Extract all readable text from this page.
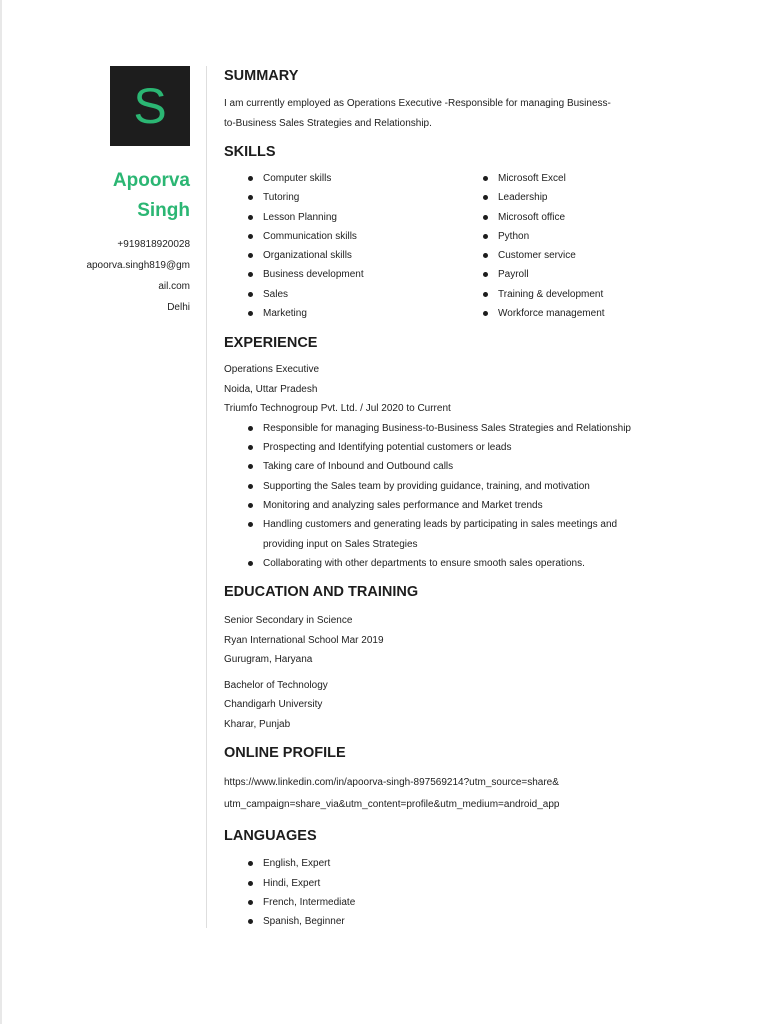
S
Apoorva
Singh
+919818920028
apoorva.singh819@gm
ail.com
Delhi
SUMMARY

I am currently employed as Operations Executive -Responsible for managing Business-

to-Business Sales Strategies and Relationship.

SKILLS
Computer skills
Tutoring
Lesson Planning
Communication skills
Organizational skills
Business development
Sales
Marketing
Microsoft Excel
Leadership
Microsoft office
Python
Customer service
Payroll
Training & development
Workforce management
EXPERIENCE

Operations Executive

Noida, Uttar Pradesh

Triumfo Technogroup Pvt. Ltd. / Jul 2020 to Current

Responsible for managing Business-to-Business Sales Strategies and Relationship
Prospecting and Identifying potential customers or leads
Taking care of Inbound and Outbound calls
Supporting the Sales team by providing guidance, training, and motivation
Monitoring and analyzing sales performance and Market trends
Handling customers and generating leads by participating in sales meetings and
providing input on Sales Strategies
Collaborating with other departments to ensure smooth sales operations.
EDUCATION AND TRAINING

Senior Secondary in Science

Ryan International School Mar 2019

Gurugram, Haryana

Bachelor of Technology

Chandigarh University

Kharar, Punjab

ONLINE PROFILE

https://www.linkedin.com/in/apoorva-singh-897569214?utm_source=share&

utm_campaign=share_via&utm_content=profile&utm_medium=android_app

LANGUAGES
English, Expert
Hindi, Expert
French, Intermediate
Spanish, Beginner
